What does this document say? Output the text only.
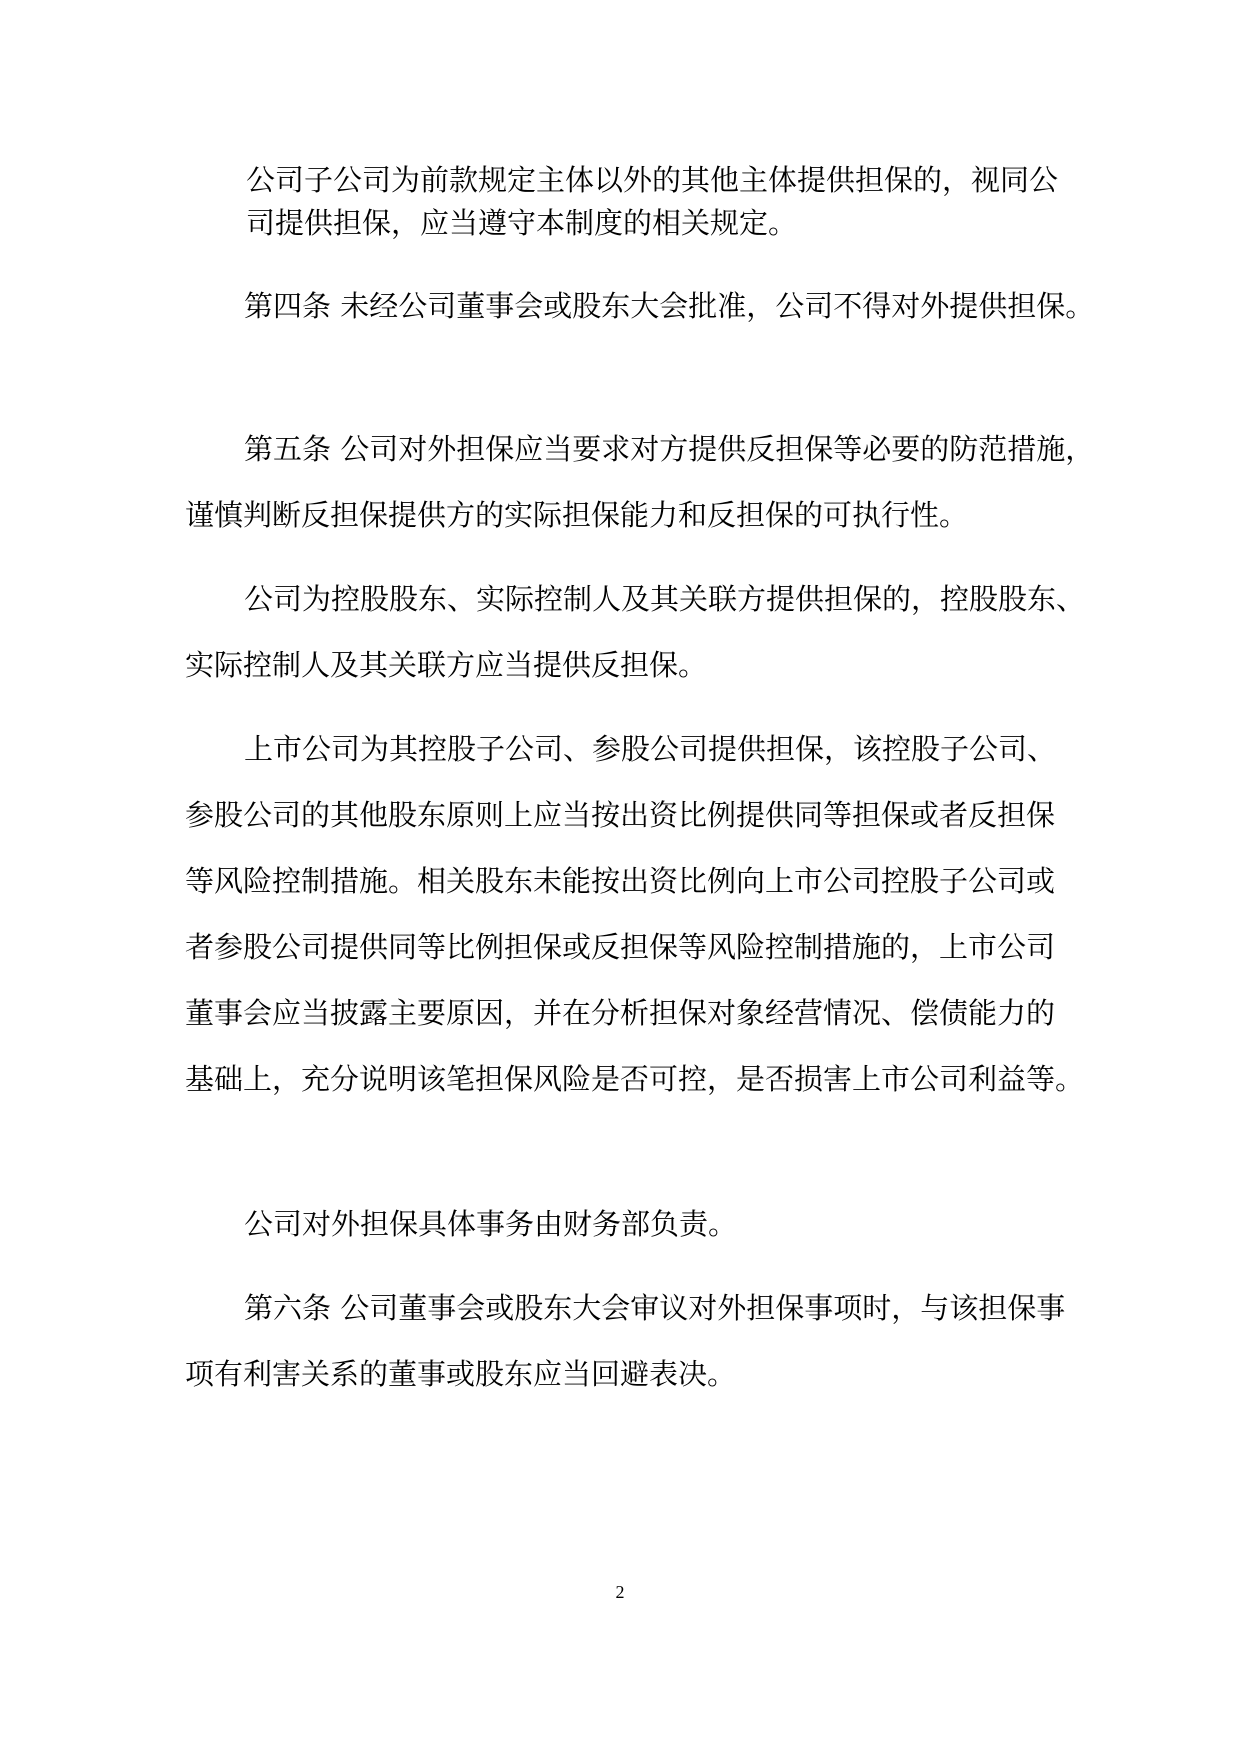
公司子公司为前款规定主体以外的其他主体提供担保的，视同公
司提供担保，应当遵守本制度的相关规定。
第四条 未经公司董事会或股东大会批准，公司不得对外提供担保。
第五条 公司对外担保应当要求对方提供反担保等必要的防范措施，
谨慎判断反担保提供方的实际担保能力和反担保的可执行性。
公司为控股股东、实际控制人及其关联方提供担保的，控股股东、
实际控制人及其关联方应当提供反担保。
上市公司为其控股子公司、参股公司提供担保，该控股子公司、
参股公司的其他股东原则上应当按出资比例提供同等担保或者反担保
等风险控制措施。相关股东未能按出资比例向上市公司控股子公司或
者参股公司提供同等比例担保或反担保等风险控制措施的，上市公司
董事会应当披露主要原因，并在分析担保对象经营情况、偿债能力的
基础上，充分说明该笔担保风险是否可控，是否损害上市公司利益等。
公司对外担保具体事务由财务部负责。
第六条 公司董事会或股东大会审议对外担保事项时，与该担保事
项有利害关系的董事或股东应当回避表决。
2
